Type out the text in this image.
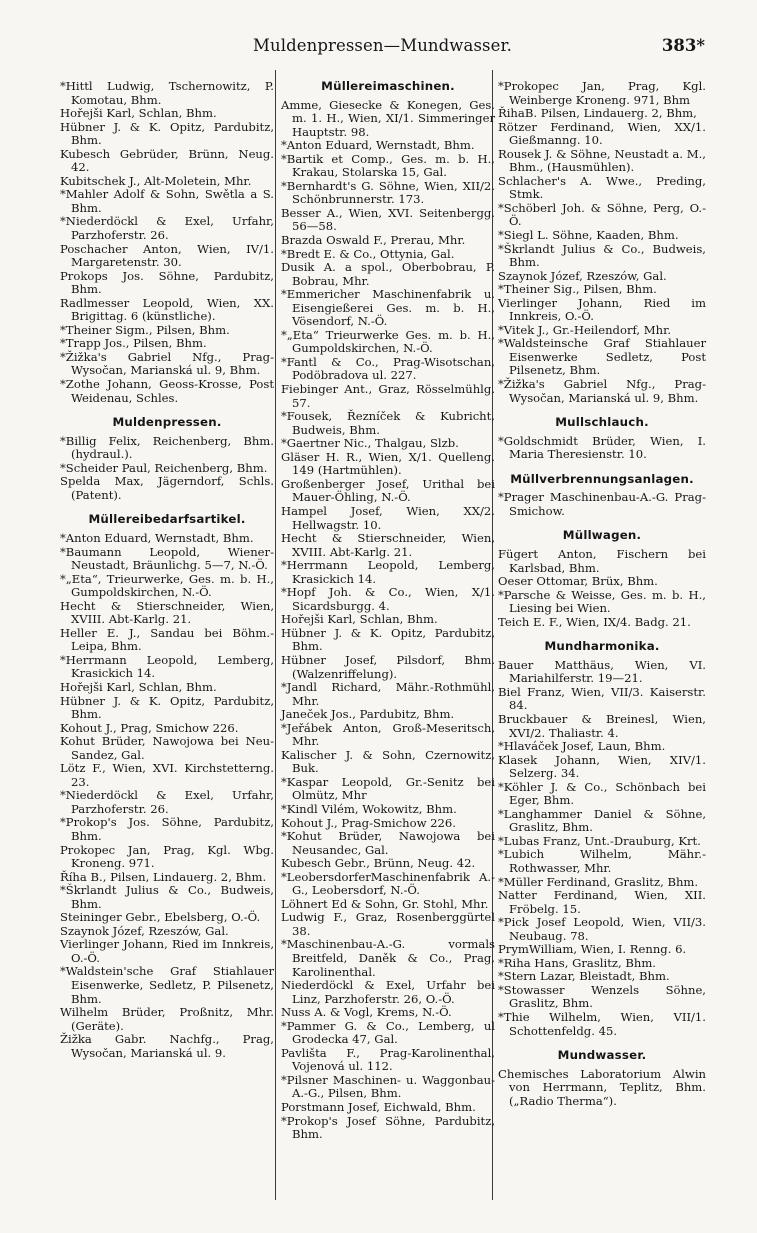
Muldenpressen—Mundwasser.	383*
*Hittl Ludwig, Tschernowitz, P. Komotau, Bhm.
Hořejši Karl, Schlan, Bhm.
Hübner J. & K. Opitz, Pardubitz, Bhm.
Kubesch Gebrüder, Brünn, Neug. 42.
Kubitschek J., Alt-Moletein, Mhr.
*Mahler Adolf & Sohn, Swětla a S. Bhm.
*Niederdöckl & Exel, Urfahr, Parzhoferstr. 26.
Poschacher Anton, Wien, IV/1. Margaretenstr. 30.
Prokops Jos. Söhne, Pardubitz, Bhm.
Radlmesser Leopold, Wien, XX. Brigittag. 6 (künstliche).
*Theiner Sigm., Pilsen, Bhm.
*Trapp Jos., Pilsen, Bhm.
*Žižka's Gabriel Nfg., Prag-Wysočan, Marianská ul. 9, Bhm.
*Zothe Johann, Geoss-Krosse, Post Weidenau, Schles.
Muldenpressen.
*Billig Felix, Reichenberg, Bhm. (hydraul.).
*Scheider Paul, Reichenberg, Bhm.
Spelda Max, Jägerndorf, Schls. (Patent).
Müllereibedarfsartikel.
*Anton Eduard, Wernstadt, Bhm.
*Baumann Leopold, Wiener-Neustadt, Bräunlichg. 5—7, N.-Ö.
*„Eta“, Trieurwerke, Ges. m. b. H., Gumpoldskirchen, N.-Ö.
Hecht & Stierschneider, Wien, XVIII. Abt-Karlg. 21.
Heller E. J., Sandau bei Böhm.-Leipa, Bhm.
*Herrmann Leopold, Lemberg, Krasickich 14.
Hořejši Karl, Schlan, Bhm.
Hübner J. & K. Opitz, Pardubitz, Bhm.
Kohout J., Prag, Smichow 226.
Kohut Brüder, Nawojowa bei Neu-Sandez, Gal.
Lötz F., Wien, XVI. Kirchstetterng. 23.
*Niederdöckl & Exel, Urfahr, Parzhoferstr. 26.
*Prokop's Jos. Söhne, Pardubitz, Bhm.
Prokopec Jan, Prag, Kgl. Wbg. Kroneng. 971.
Říha B., Pilsen, Lindauerg. 2, Bhm.
*Škrlandt Julius & Co., Budweis, Bhm.
Steininger Gebr., Ebelsberg, O.-Ö.
Szaynok Józef, Rzeszów, Gal.
Vierlinger Johann, Ried im Innkreis, O.-Ö.
*Waldstein'sche Graf Stiahlauer Eisenwerke, Sedletz, P. Pilsenetz, Bhm.
Wilhelm Brüder, Proßnitz, Mhr. (Geräte).
Žižka Gabr. Nachfg., Prag, Wysočan, Marianská ul. 9.
Müllereimaschinen.
Amme, Giesecke & Konegen, Ges. m. 1. H., Wien, XI/1. Simmeringer Hauptstr. 98.
*Anton Eduard, Wernstadt, Bhm.
*Bartik et Comp., Ges. m. b. H., Krakau, Stolarska 15, Gal.
*Bernhardt's G. Söhne, Wien, XII/2. Schönbrunnerstr. 173.
Besser A., Wien, XVI. Seitenbergg. 56—58.
Brazda Oswald F., Prerau, Mhr.
*Bredt E. & Co., Ottynia, Gal.
Dusik A. a spol., Oberbobrau, P. Bobrau, Mhr.
*Emmericher Maschinenfabrik u. Eisengießerei Ges. m. b. H., Vösendorf, N.-Ö.
*„Eta“ Trieurwerke Ges. m. b. H., Gumpoldskirchen, N.-Ö.
*Fantl & Co., Prag-Wisotschan, Podöbradova ul. 227.
Fiebinger Ant., Graz, Rösselmühlg. 57.
*Fousek, Řezníček & Kubricht, Budweis, Bhm.
*Gaertner Nic., Thalgau, Slzb.
Gläser H. R., Wien, X/1. Quelleng. 149 (Hartmühlen).
Großenberger Josef, Urithal bei Mauer-Öhling, N.-Ö.
Hampel Josef, Wien, XX/2. Hellwagstr. 10.
Hecht & Stierschneider, Wien, XVIII. Abt-Karlg. 21.
*Herrmann Leopold, Lemberg, Krasickich 14.
*Hopf Joh. & Co., Wien, X/1. Sicardsburgg. 4.
Hořejši Karl, Schlan, Bhm.
Hübner J. & K. Opitz, Pardubitz, Bhm.
Hübner Josef, Pilsdorf, Bhm. (Walzenriffelung).
*Jandl Richard, Mähr.-Rothmühl, Mhr.
Janeček Jos., Pardubitz, Bhm.
*Jeřábek Anton, Groß-Meseritsch, Mhr.
Kalischer J. & Sohn, Czernowitz, Buk.
*Kaspar Leopold, Gr.-Senitz bei Olmütz, Mhr
*Kindl Vilém, Wokowitz, Bhm.
Kohout J., Prag-Smichow 226.
*Kohut Brüder, Nawojowa bei Neusandec, Gal.
Kubesch Gebr., Brünn, Neug. 42.
*LeobersdorferMaschinenfabrik A.-G., Leobersdorf, N.-Ö.
Löhnert Ed & Sohn, Gr. Stohl, Mhr.
Ludwig F., Graz, Rosenberggürtel 38.
*Maschinenbau-A.-G. vormals Breitfeld, Daněk & Co., Prag, Karolinenthal.
Niederdöckl & Exel, Urfahr bei Linz, Parzhoferstr. 26, O.-Ö.
Nuss A. & Vogl, Krems, N.-Ö.
*Pammer G. & Co., Lemberg, ul Grodecka 47, Gal.
Pavlišta F., Prag-Karolinenthal, Vojenová ul. 112.
*Pilsner Maschinen- u. Waggonbau-A.-G., Pilsen, Bhm.
Porstmann Josef, Eichwald, Bhm.
*Prokop's Josef Söhne, Pardubitz, Bhm.
*Prokopec Jan, Prag, Kgl. Weinberge Kroneng. 971, Bhm
ŘihaB. Pilsen, Lindauerg. 2, Bhm,
Rötzer Ferdinand, Wien, XX/1. Gießmanng. 10.
Rousek J. & Söhne, Neustadt a. M., Bhm., (Hausmühlen).
Schlacher's A. Wwe., Preding, Stmk.
*Schöberl Joh. & Söhne, Perg, O.-Ö.
*Siegl L. Söhne, Kaaden, Bhm.
*Škrlandt Julius & Co., Budweis, Bhm.
Szaynok Józef, Rzeszów, Gal.
*Theiner Sig., Pilsen, Bhm.
Vierlinger Johann, Ried im Innkreis, O.-Ö.
*Vitek J., Gr.-Heilendorf, Mhr.
*Waldsteinsche Graf Stiahlauer Eisenwerke Sedletz, Post Pilsenetz, Bhm.
*Žižka's Gabriel Nfg., Prag-Wysočan, Marianská ul. 9, Bhm.
Mullschlauch.
*Goldschmidt Brüder, Wien, I. Maria Theresienstr. 10.
Müllverbrennungsanlagen.
*Prager Maschinenbau-A.-G. Prag-Smichow.
Müllwagen.
Fügert Anton, Fischern bei Karlsbad, Bhm.
Oeser Ottomar, Brüx, Bhm.
*Parsche & Weisse, Ges. m. b. H., Liesing bei Wien.
Teich E. F., Wien, IX/4. Badg. 21.
Mundharmonika.
Bauer Matthäus, Wien, VI. Mariahilferstr. 19—21.
Biel Franz, Wien, VII/3. Kaiserstr. 84.
Bruckbauer & Breinesl, Wien, XVI/2. Thaliastr. 4.
*Hlaváček Josef, Laun, Bhm.
Klasek Johann, Wien, XIV/1. Selzerg. 34.
*Köhler J. & Co., Schönbach bei Eger, Bhm.
*Langhammer Daniel & Söhne, Graslitz, Bhm.
*Lubas Franz, Unt.-Drauburg, Krt.
*Lubich Wilhelm, Mähr.-Rothwasser, Mhr.
*Müller Ferdinand, Graslitz, Bhm.
Natter Ferdinand, Wien, XII. Fröbelg. 15.
*Pick Josef Leopold, Wien, VII/3. Neubaug. 78.
PrymWilliam, Wien, I. Renng. 6.
*Riha Hans, Graslitz, Bhm.
*Stern Lazar, Bleistadt, Bhm.
*Stowasser Wenzels Söhne, Graslitz, Bhm.
*Thie Wilhelm, Wien, VII/1. Schottenfeldg. 45.
Mundwasser.
Chemisches Laboratorium Alwin von Herrmann, Teplitz, Bhm. („Radio Therma“).
